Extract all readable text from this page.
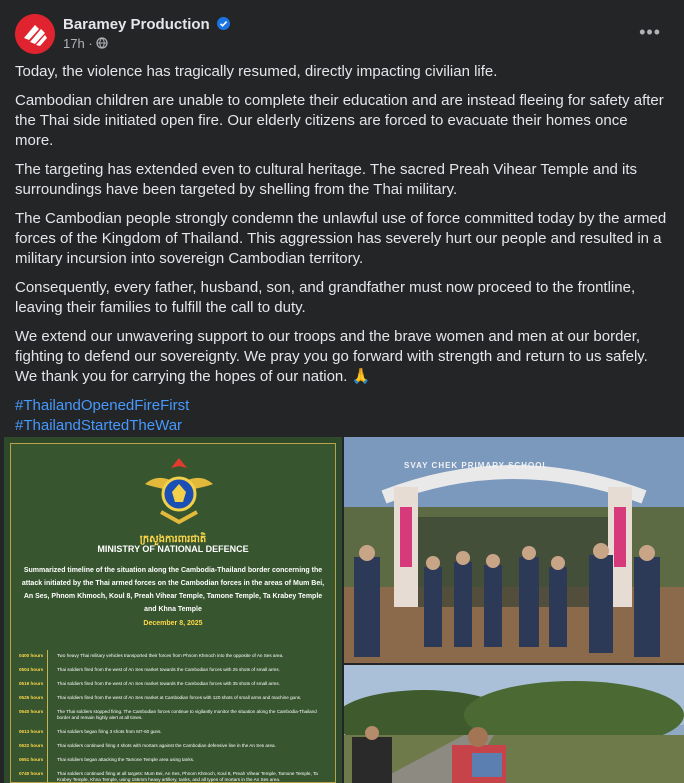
Baramey Production
17h ·
•••

Today, the violence has tragically resumed, directly impacting civilian life.

Cambodian children are unable to complete their education and are instead fleeing for safety after the Thai side initiated open fire. Our elderly citizens are forced to evacuate their homes once more.

The targeting has extended even to cultural heritage. The sacred Preah Vihear Temple and its surroundings have been targeted by shelling from the Thai military.

The Cambodian people strongly condemn the unlawful use of force committed today by the armed forces of the Kingdom of Thailand. This aggression has severely hurt our people and resulted in a military incursion into sovereign Cambodian territory.

Consequently, every father, husband, son, and grandfather must now proceed to the frontline, leaving their families to fulfill the call to duty.

We extend our unwavering support to our troops and the brave women and men at our border, fighting to defend our sovereignty. We pray you go forward with strength and return to us safely. We thank you for carrying the hopes of our nation. 🙏

#ThailandOpenedFireFirst
#ThailandStartedTheWar
ក្រសួងការពារជាតិ
MINISTRY OF NATIONAL DEFENCE
Summarized timeline of the situation along the Cambodia-Thailand border concerning the attack initiated by the Thai armed forces on the Cambodian forces in the areas of Mum Bei, An Ses, Phnom Khmoch, Koul 8, Preah Vihear Temple, Tamone Temple, Ta Krabey Temple and Khna Temple
December 8, 2025
0400 hours	Two heavy Thai military vehicles transported their forces from Phnom Khmoch into the opposite of An Ses area.
0504 hours	Thai soldiers fired from the west of An Ses market towards the Cambodian forces with 25 shots of small arms.
0519 hours	Thai soldiers fired from the west of An Ses market towards the Cambodian forces with 35 shots of small arms.
0525 hours	Thai soldiers fired from the west of An Ses market at Cambodian forces with 120 shots of small arms and machine guns.
0540 hours	The Thai soldiers stopped firing. The Cambodian forces continue to vigilantly monitor the situation along the Cambodia-Thailand border and remain highly alert at all times.
0613 hours	Thai soldiers began firing 3 shots from M7-60 guns.
0622 hours	Thai soldiers continued firing 4 shots with mortars against the Cambodian defensive line in the An Ses area.
0651 hours	Thai soldiers began attacking the Tamone Temple area using tanks.
0740 hours	Thai soldiers continued firing at all targets: Mum Bei, An Ses, Phnom Khmoch, Koul 8, Preah Vihear Temple, Tamone Temple, Ta Krabey Temple, Khna Temple, using 155mm heavy artillery, tanks, and all types of mortars in the An Ses area.
SVAY CHEK PRIMARY SCHOOL
